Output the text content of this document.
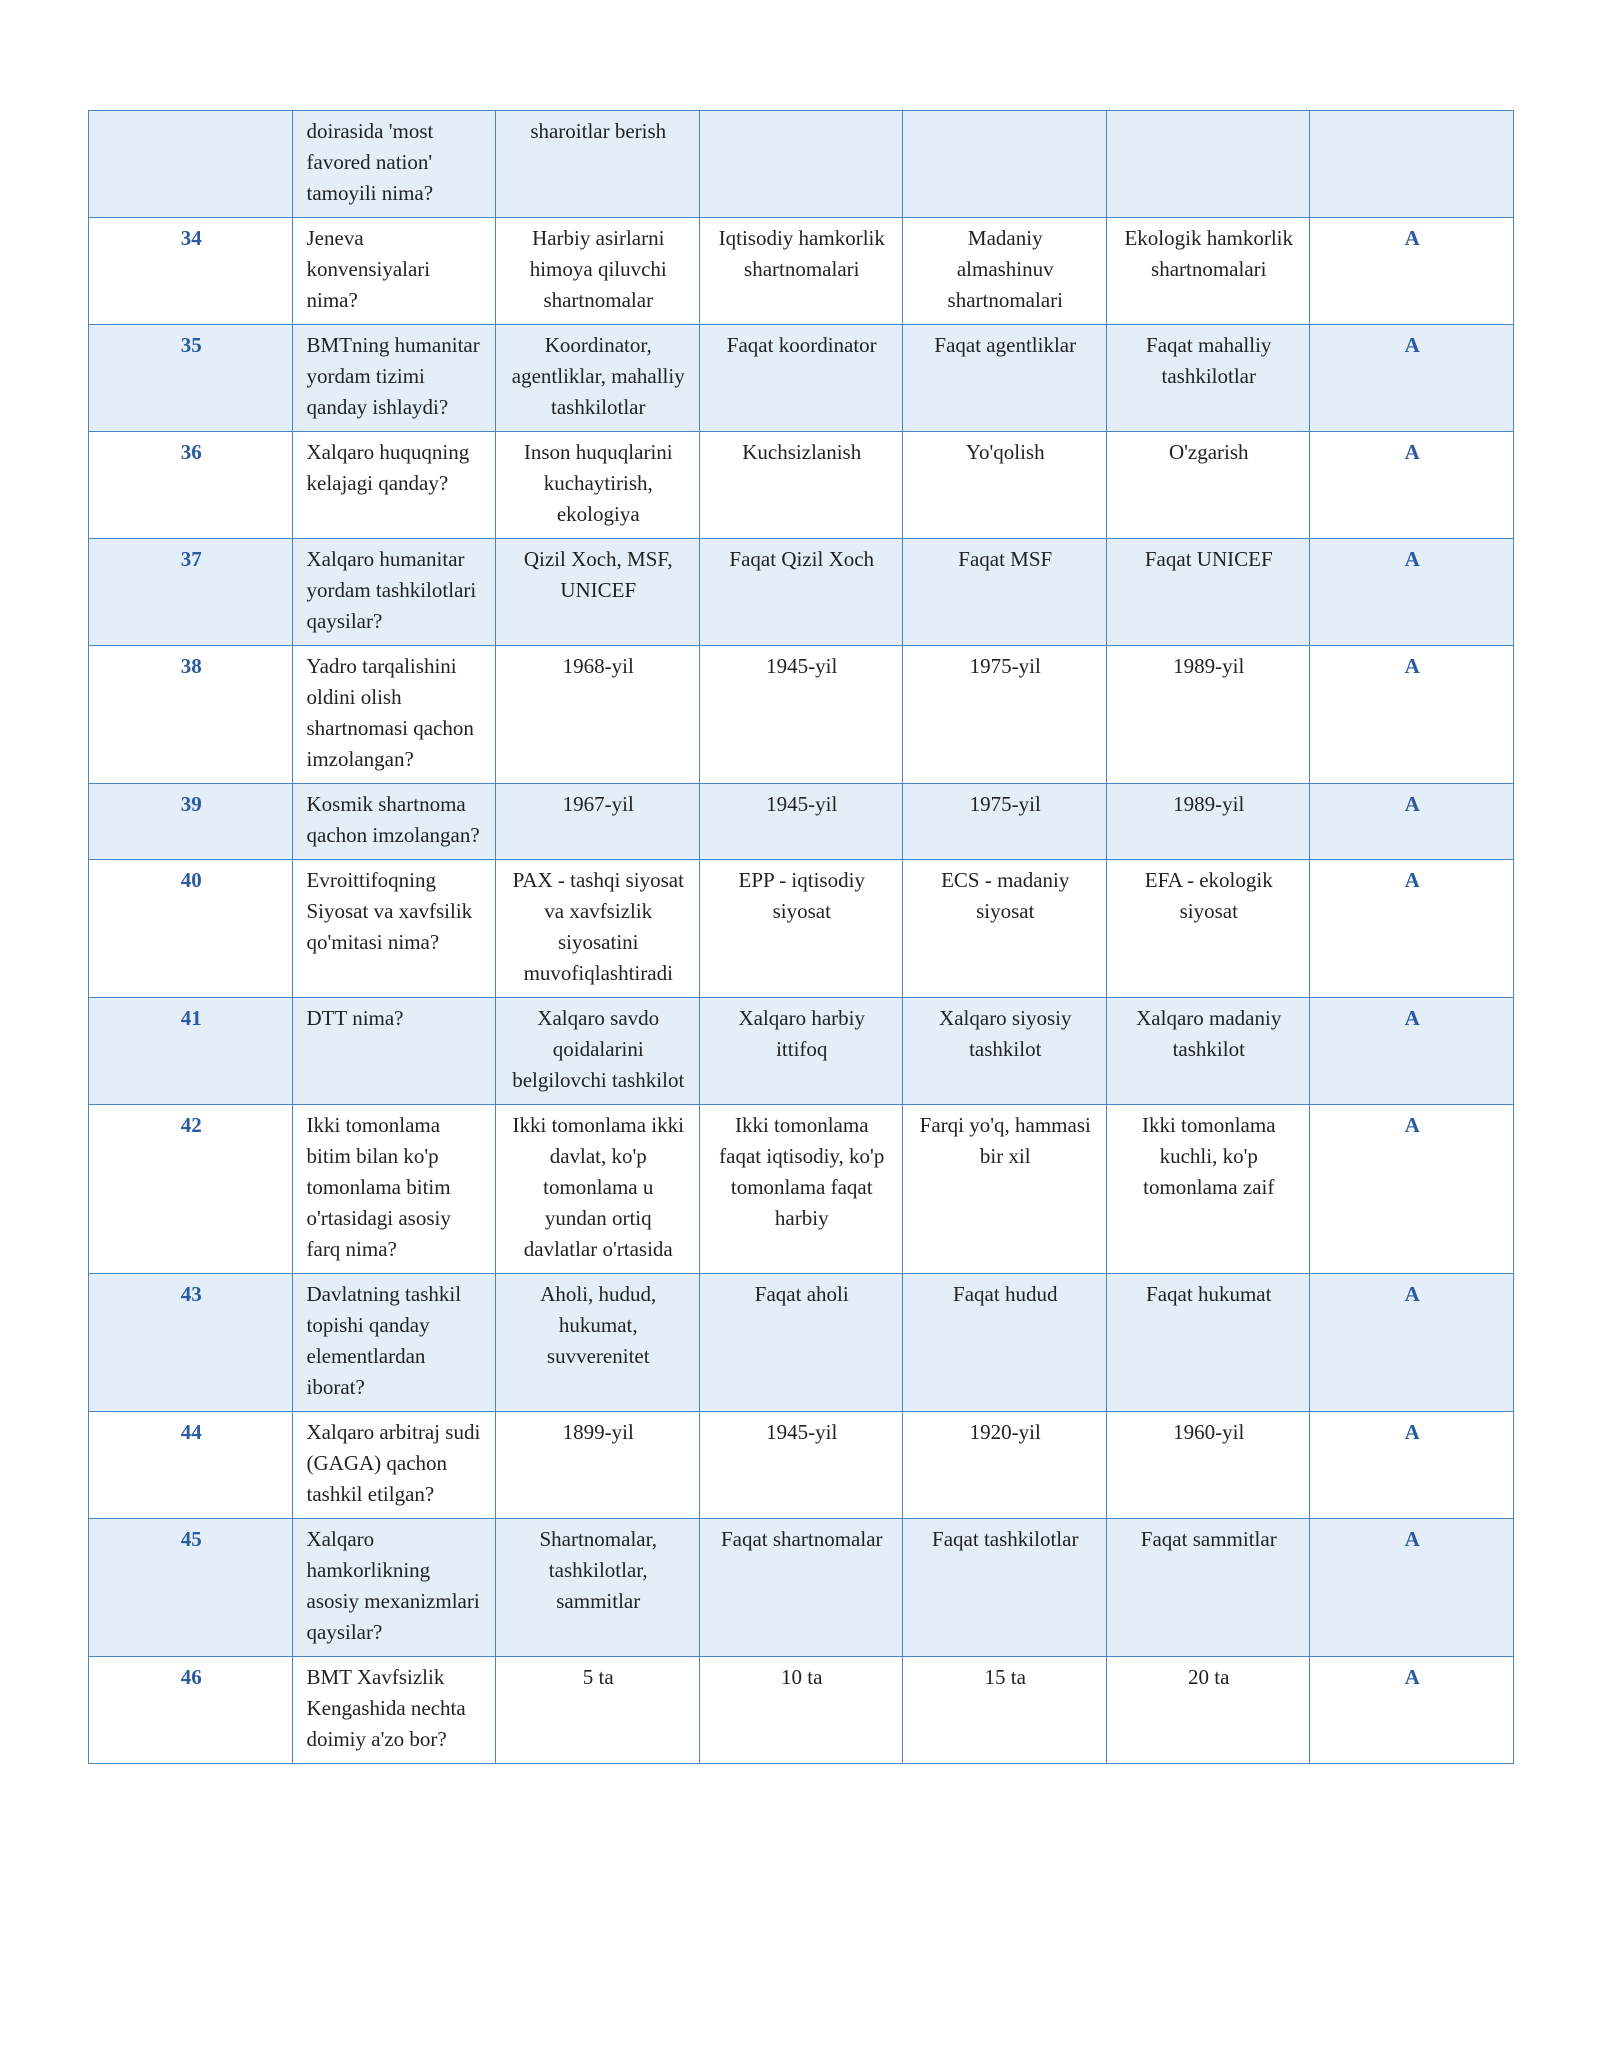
	doirasida 'most favored nation' tamoyili nima?	sharoitlar berish				
34	Jeneva konvensiyalari nima?	Harbiy asirlarni himoya qiluvchi shartnomalar	Iqtisodiy hamkorlik shartnomalari	Madaniy almashinuv shartnomalari	Ekologik hamkorlik shartnomalari	A
35	BMTning humanitar yordam tizimi qanday ishlaydi?	Koordinator, agentliklar, mahalliy tashkilotlar	Faqat koordinator	Faqat agentliklar	Faqat mahalliy tashkilotlar	A
36	Xalqaro huquqning kelajagi qanday?	Inson huquqlarini kuchaytirish, ekologiya	Kuchsizlanish	Yo'qolish	O'zgarish	A
37	Xalqaro humanitar yordam tashkilotlari qaysilar?	Qizil Xoch, MSF, UNICEF	Faqat Qizil Xoch	Faqat MSF	Faqat UNICEF	A
38	Yadro tarqalishini oldini olish shartnomasi qachon imzolangan?	1968-yil	1945-yil	1975-yil	1989-yil	A
39	Kosmik shartnoma qachon imzolangan?	1967-yil	1945-yil	1975-yil	1989-yil	A
40	Evroittifoqning Siyosat va xavfsilik qo'mitasi nima?	PAX - tashqi siyosat va xavfsizlik siyosatini muvofiqlashtiradi	EPP - iqtisodiy siyosat	ECS - madaniy siyosat	EFA - ekologik siyosat	A
41	DTT nima?	Xalqaro savdo qoidalarini belgilovchi tashkilot	Xalqaro harbiy ittifoq	Xalqaro siyosiy tashkilot	Xalqaro madaniy tashkilot	A
42	Ikki tomonlama bitim bilan ko'p tomonlama bitim o'rtasidagi asosiy farq nima?	Ikki tomonlama ikki davlat, ko'p tomonlama u yundan ortiq davlatlar o'rtasida	Ikki tomonlama faqat iqtisodiy, ko'p tomonlama faqat harbiy	Farqi yo'q, hammasi bir xil	Ikki tomonlama kuchli, ko'p tomonlama zaif	A
43	Davlatning tashkil topishi qanday elementlardan iborat?	Aholi, hudud, hukumat, suvverenitet	Faqat aholi	Faqat hudud	Faqat hukumat	A
44	Xalqaro arbitraj sudi (GAGA) qachon tashkil etilgan?	1899-yil	1945-yil	1920-yil	1960-yil	A
45	Xalqaro hamkorlikning asosiy mexanizmlari qaysilar?	Shartnomalar, tashkilotlar, sammitlar	Faqat shartnomalar	Faqat tashkilotlar	Faqat sammitlar	A
46	BMT Xavfsizlik Kengashida nechta doimiy a'zo bor?	5 ta	10 ta	15 ta	20 ta	A
